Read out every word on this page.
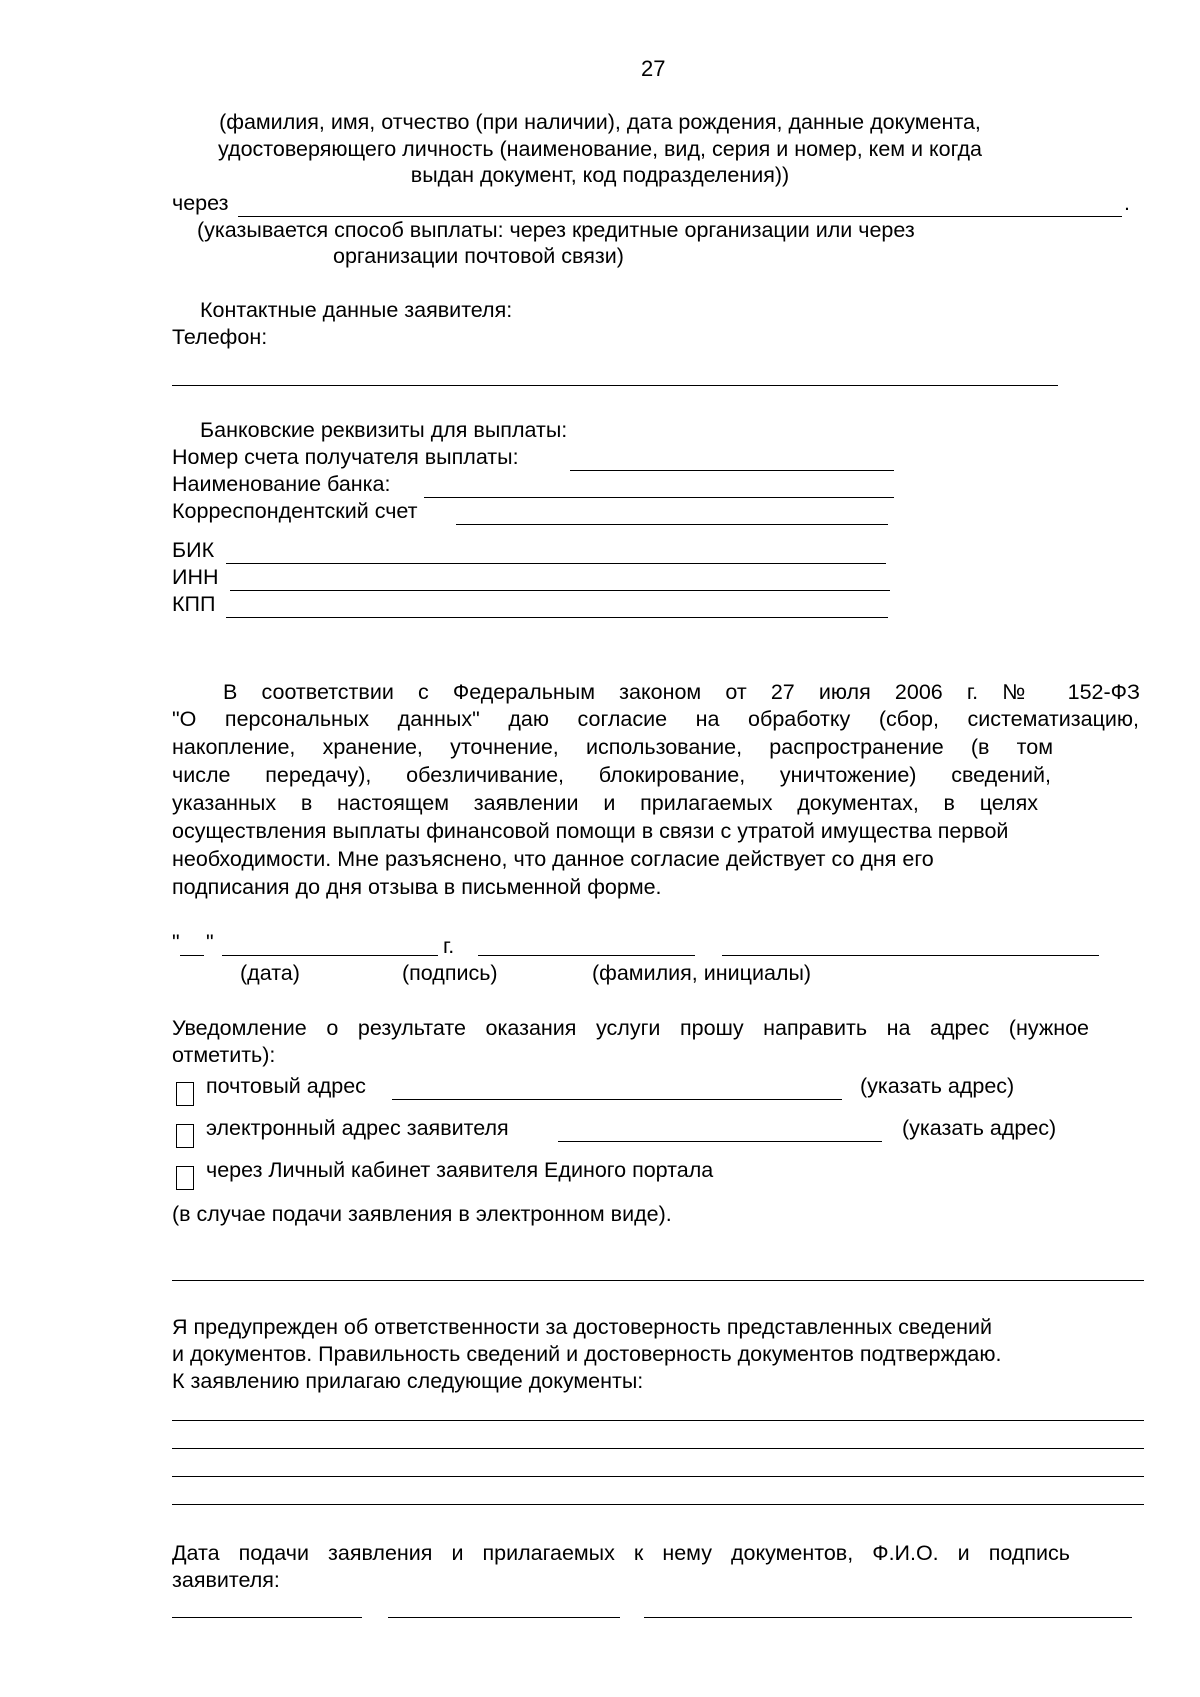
27
(фамилия, имя, отчество (при наличии), дата рождения, данные документа,
удостоверяющего личность (наименование, вид, серия и номер, кем и когда
выдан документ, код подразделения))
через	.
(указывается способ выплаты: через кредитные организации или через
организации почтовой связи)
Контактные данные заявителя:
Телефон:
Банковские реквизиты для выплаты:
Номер счета получателя выплаты:
Наименование банка:
Корреспондентский счет
БИК
ИНН
КПП
В соответствии с Федеральным законом от 27 июля 2006 г. № 152-ФЗ
"О персональных данных" даю согласие на обработку (сбор, систематизацию,
накопление, хранение, уточнение, использование, распространение (в том
числе передачу), обезличивание, блокирование, уничтожение) сведений,
указанных в настоящем заявлении и прилагаемых документах, в целях
осуществления выплаты финансовой помощи в связи с утратой имущества первой
необходимости. Мне разъяснено, что данное согласие действует со дня его
подписания до дня отзыва в письменной форме.
" "	г.
(дата)	(подпись)	(фамилия, инициалы)
Уведомление о результате оказания услуги прошу направить на адрес (нужное
отметить):
почтовый адрес	(указать адрес)
электронный адрес заявителя	(указать адрес)
через Личный кабинет заявителя Единого портала
(в случае подачи заявления в электронном виде).
Я предупрежден об ответственности за достоверность представленных сведений
и документов. Правильность сведений и достоверность документов подтверждаю.
К заявлению прилагаю следующие документы:
Дата подачи заявления и прилагаемых к нему документов, Ф.И.О. и подпись
заявителя:
